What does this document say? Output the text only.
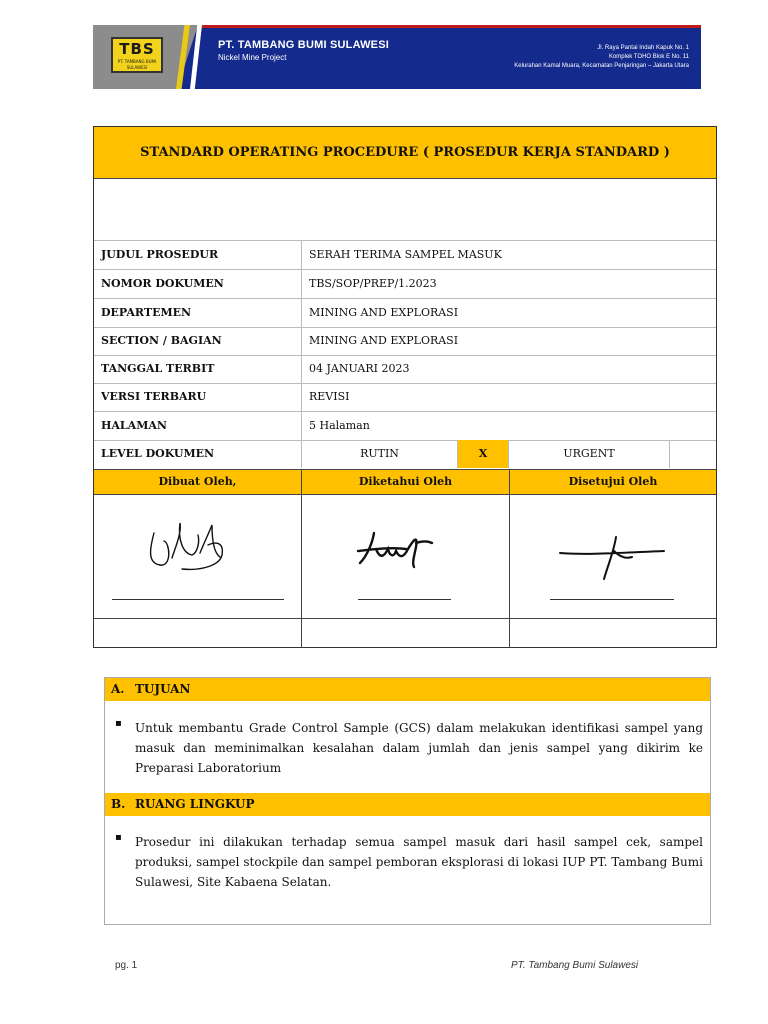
TBS
PT. TAMBANG BUMI SULAWESI
PT. TAMBANG BUMI SULAWESI
Nickel Mine Project
Jl. Raya Pantai Indah Kapuk No. 1
Komplek TOHO Blok E No. 11
Kelurahan Kamal Muara, Kecamatan Penjaringan – Jakarta Utara
STANDARD OPERATING PROCEDURE ( PROSEDUR KERJA STANDARD )
JUDUL PROSEDUR	SERAH TERIMA SAMPEL MASUK
NOMOR DOKUMEN	TBS/SOP/PREP/1.2023
DEPARTEMEN	MINING AND EXPLORASI
SECTION / BAGIAN	MINING AND EXPLORASI
TANGGAL TERBIT	04 JANUARI 2023
VERSI TERBARU	REVISI
HALAMAN	5 Halaman
LEVEL DOKUMEN	RUTIN	X	URGENT
Dibuat Oleh,	Diketahui Oleh	Disetujui Oleh
A. TUJUAN
▪ Untuk membantu Grade Control Sample (GCS) dalam melakukan identifikasi sampel yang masuk dan meminimalkan kesalahan dalam jumlah dan jenis sampel yang dikirim ke Preparasi Laboratorium
B. RUANG LINGKUP
▪ Prosedur ini dilakukan terhadap semua sampel masuk dari hasil sampel cek, sampel produksi, sampel stockpile dan sampel pemboran eksplorasi di lokasi IUP PT. Tambang Bumi Sulawesi, Site Kabaena Selatan.
pg. 1	PT. Tambang Bumi Sulawesi
